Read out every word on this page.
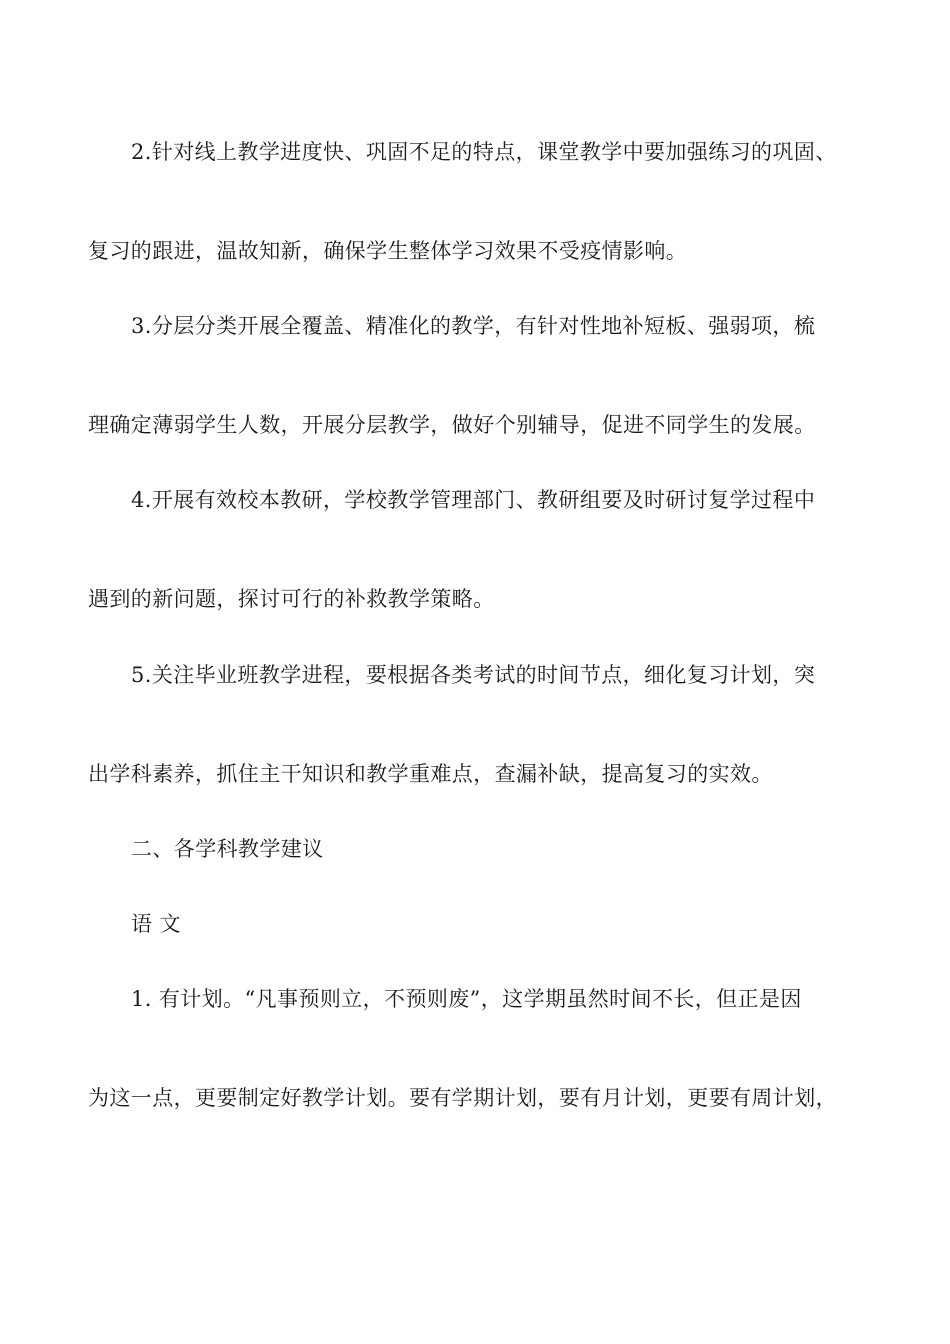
2.针对线上教学进度快、巩固不足的特点，课堂教学中要加强练习的巩固、
复习的跟进，温故知新，确保学生整体学习效果不受疫情影响。
3.分层分类开展全覆盖、精准化的教学，有针对性地补短板、强弱项，梳
理确定薄弱学生人数，开展分层教学，做好个别辅导，促进不同学生的发展。
4.开展有效校本教研，学校教学管理部门、教研组要及时研讨复学过程中
遇到的新问题，探讨可行的补救教学策略。
5.关注毕业班教学进程，要根据各类考试的时间节点，细化复习计划，突
出学科素养，抓住主干知识和教学重难点，查漏补缺，提高复习的实效。
二、各学科教学建议
语 文
1. 有计划。“凡事预则立，不预则废”，这学期虽然时间不长，但正是因
为这一点，更要制定好教学计划。要有学期计划，要有月计划，更要有周计划，
